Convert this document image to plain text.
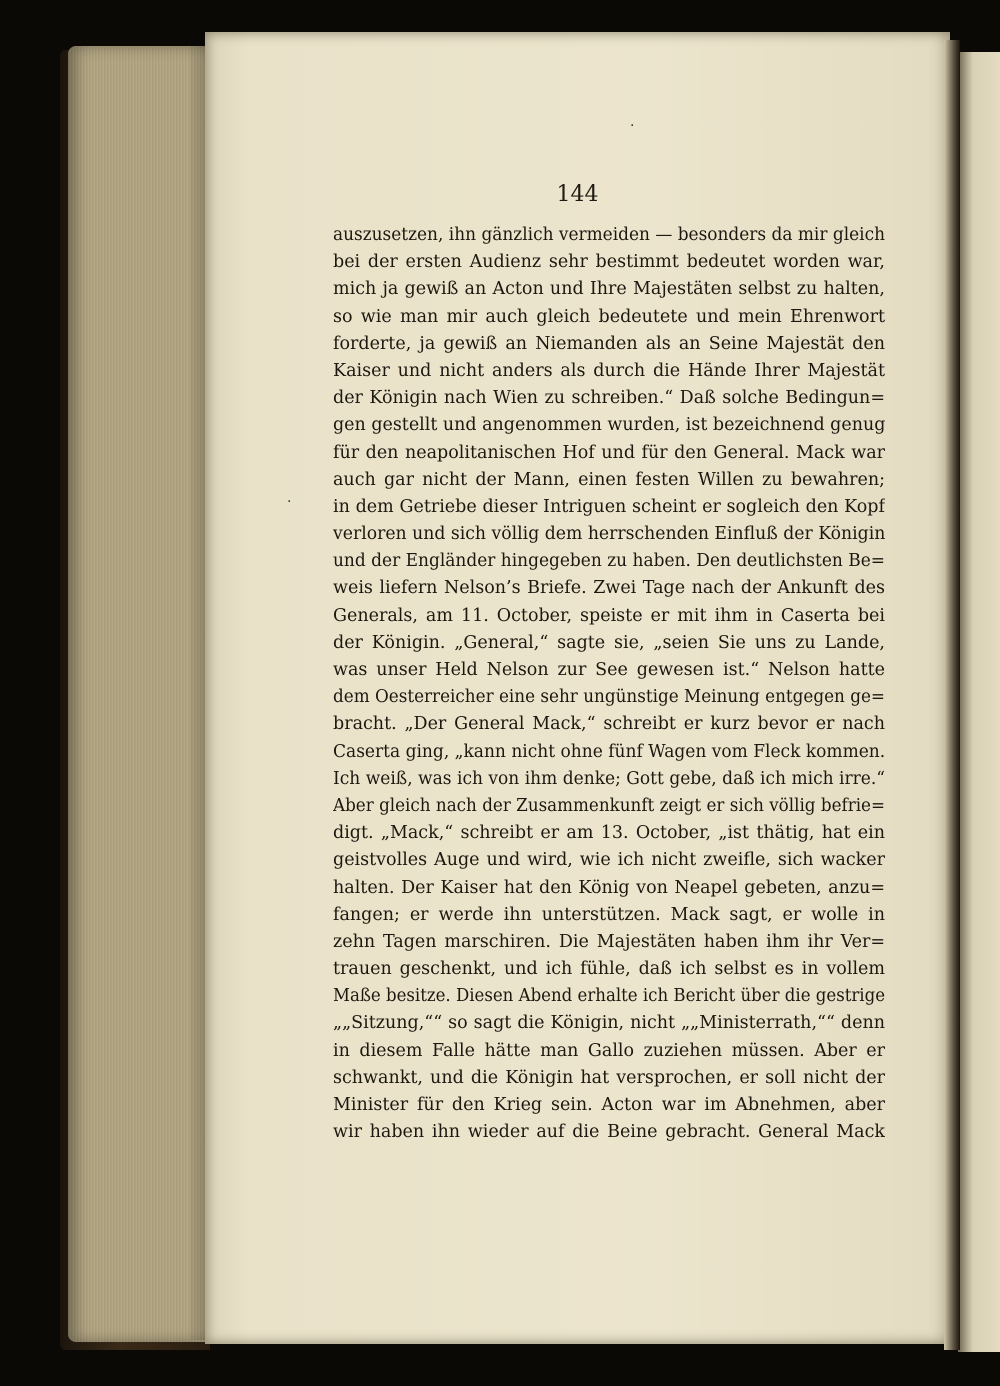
144
·
·
auszusetzen, ihn gänzlich vermeiden — besonders da mir gleich
bei der ersten Audienz sehr bestimmt bedeutet worden war,
mich ja gewiß an Acton und Ihre Majestäten selbst zu halten,
so wie man mir auch gleich bedeutete und mein Ehrenwort
forderte, ja gewiß an Niemanden als an Seine Majestät den
Kaiser und nicht anders als durch die Hände Ihrer Majestät
der Königin nach Wien zu schreiben.“ Daß solche Bedingun=
gen gestellt und angenommen wurden, ist bezeichnend genug
für den neapolitanischen Hof und für den General. Mack war
auch gar nicht der Mann, einen festen Willen zu bewahren;
in dem Getriebe dieser Intriguen scheint er sogleich den Kopf
verloren und sich völlig dem herrschenden Einfluß der Königin
und der Engländer hingegeben zu haben. Den deutlichsten Be=
weis liefern Nelson’s Briefe. Zwei Tage nach der Ankunft des
Generals, am 11. October, speiste er mit ihm in Caserta bei
der Königin. „General,“ sagte sie, „seien Sie uns zu Lande,
was unser Held Nelson zur See gewesen ist.“ Nelson hatte
dem Oesterreicher eine sehr ungünstige Meinung entgegen ge=
bracht. „Der General Mack,“ schreibt er kurz bevor er nach
Caserta ging, „kann nicht ohne fünf Wagen vom Fleck kommen.
Ich weiß, was ich von ihm denke; Gott gebe, daß ich mich irre.“
Aber gleich nach der Zusammenkunft zeigt er sich völlig befrie=
digt. „Mack,“ schreibt er am 13. October, „ist thätig, hat ein
geistvolles Auge und wird, wie ich nicht zweifle, sich wacker
halten. Der Kaiser hat den König von Neapel gebeten, anzu=
fangen; er werde ihn unterstützen. Mack sagt, er wolle in
zehn Tagen marschiren. Die Majestäten haben ihm ihr Ver=
trauen geschenkt, und ich fühle, daß ich selbst es in vollem
Maße besitze. Diesen Abend erhalte ich Bericht über die gestrige
„„Sitzung,““ so sagt die Königin, nicht „„Ministerrath,““ denn
in diesem Falle hätte man Gallo zuziehen müssen. Aber er
schwankt, und die Königin hat versprochen, er soll nicht der
Minister für den Krieg sein. Acton war im Abnehmen, aber
wir haben ihn wieder auf die Beine gebracht. General Mack
